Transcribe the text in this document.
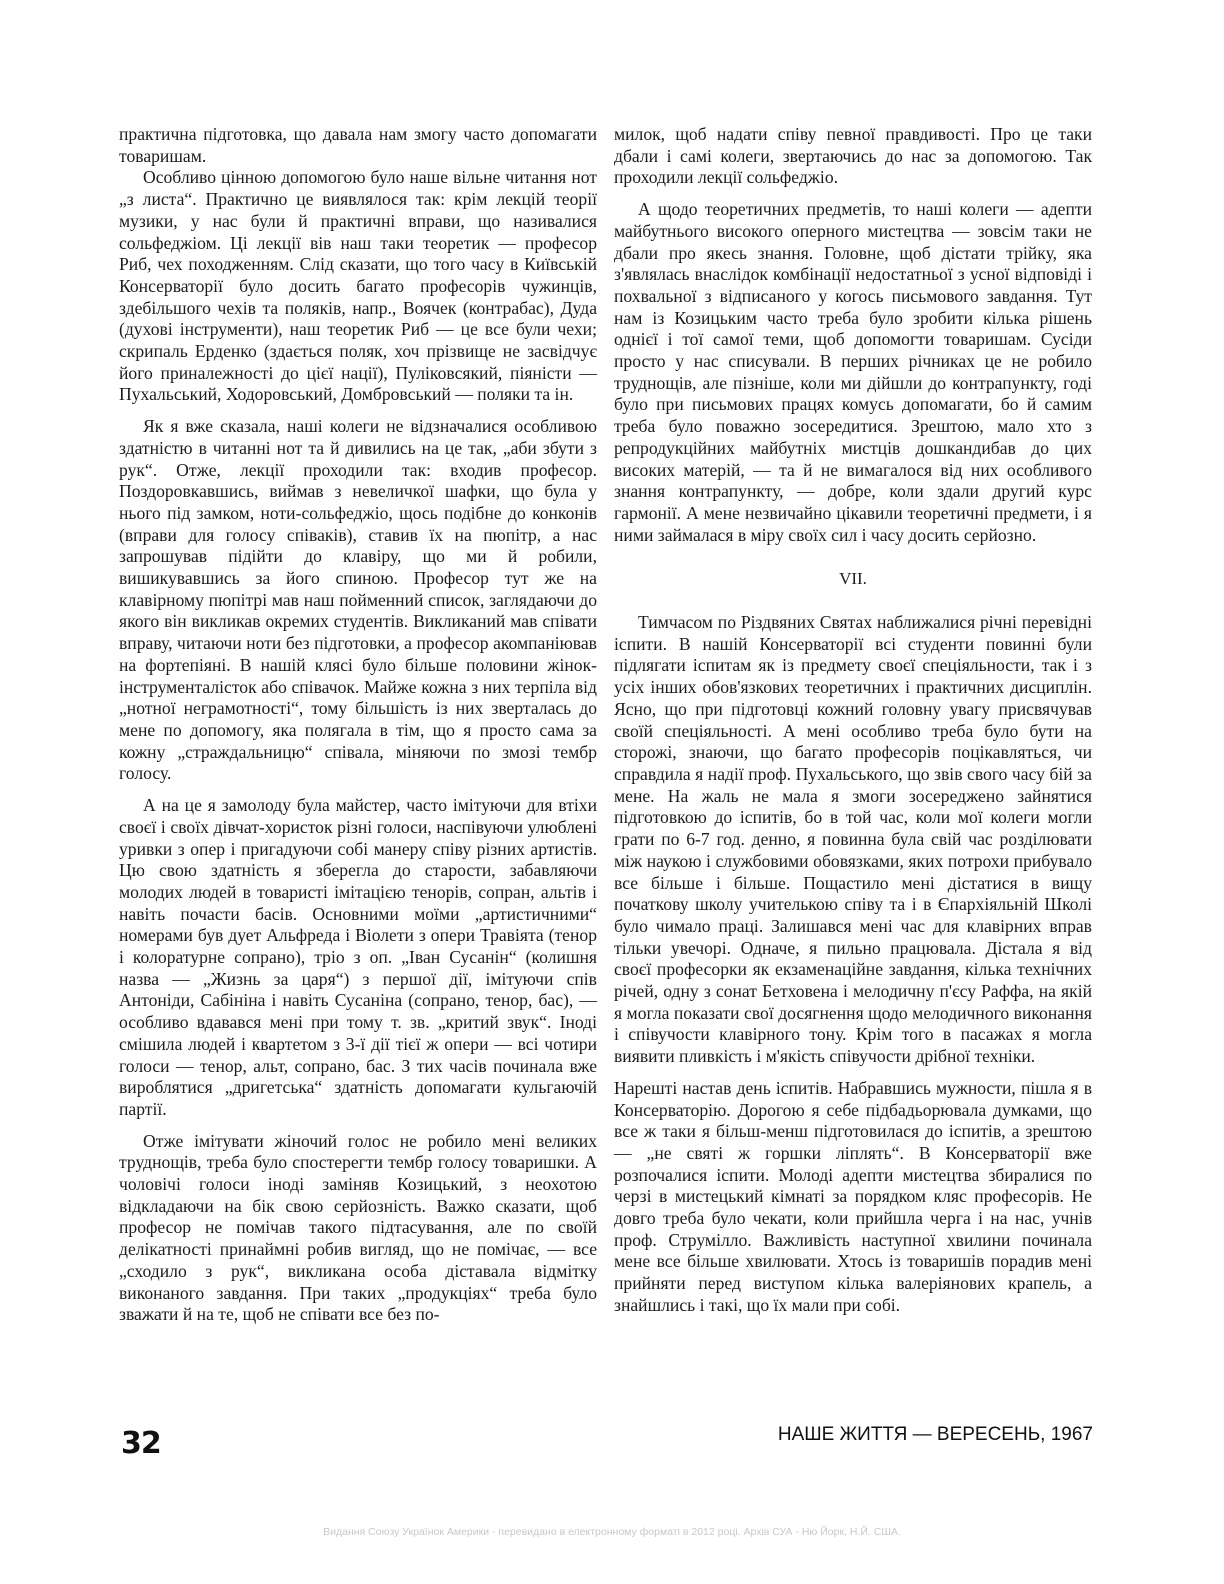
практична підготовка, що давала нам змогу часто допомагати товаришам.

Особливо цінною допомогою було наше вільне читання нот „з листа“. Практично це виявлялося так: крім лекцій теорії музики, у нас були й практичні вправи, що називалися сольфеджіом. Ці лекції вів наш таки теоретик — професор Риб, чех походженням. Слід сказати, що того часу в Київській Консерваторії було досить багато професорів чужинців, здебільшого чехів та поляків, напр., Воячек (контрабас), Дуда (духові інструменти), наш теоретик Риб — це все були чехи; скрипаль Ерденко (здається поляк, хоч прізвище не засвідчує його приналежності до цієї нації), Пуліковсякий, піяністи — Пухальський, Ходоровський, Домбровський — поляки та ін.

Як я вже сказала, наші колеги не відзначалися особливою здатністю в читанні нот та й дивились на це так, „аби збути з рук“. Отже, лекції проходили так: входив професор. Поздоровкавшись, виймав з невеличкої шафки, що була у нього під замком, ноти-сольфеджіо, щось подібне до конконів (вправи для голосу співаків), ставив їх на пюпітр, а нас запрошував підійти до клавіру, що ми й робили, вишикувавшись за його спиною. Професор тут же на клавірному пюпітрі мав наш пойменний список, заглядаючи до якого він викликав окремих студентів. Викликаний мав співати вправу, читаючи ноти без підготовки, а професор акомпаніював на фортепіяні. В нашій клясі було більше половини жінок-інструменталісток або співачок. Майже кожна з них терпіла від „нотної неграмотності“, тому більшість із них зверталась до мене по допомогу, яка полягала в тім, що я просто сама за кожну „страждальницю“ співала, міняючи по змозі тембр голосу.

А на це я замолоду була майстер, часто імітуючи для втіхи своєї і своїх дівчат-хористок різні голоси, наспівуючи улюблені уривки з опер і пригадуючи собі манеру співу різних артистів. Цю свою здатність я зберегла до старости, забавляючи молодих людей в товаристі імітацією тенорів, сопран, альтів і навіть почасти басів. Основними моїми „артистичними“ номерами був дует Альфреда і Віолети з опери Травіята (тенор і колоратурне сопрано), тріо з оп. „Іван Сусанін“ (колишня назва — „Жизнь за царя“) з першої дії, імітуючи спів Антоніди, Сабініна і навіть Сусаніна (сопрано, тенор, бас), — особливо вдавався мені при тому т. зв. „критий звук“. Іноді смішила людей і квартетом з 3-ї дії тієї ж опери — всі чотири голоси — тенор, альт, сопрано, бас. З тих часів починала вже вироблятися „дригетська“ здатність допомагати кульгаючій партії.

Отже імітувати жіночий голос не робило мені великих труднощів, треба було спостерегти тембр голосу товаришки. А чоловічі голоси іноді заміняв Козицький, з неохотою відкладаючи на бік свою серйозність. Важко сказати, щоб професор не помічав такого підтасування, але по своїй делікатності принаймні робив вигляд, що не помічає, — все „сходило з рук“, викликана особа діставала відмітку виконаного завдання. При таких „продукціях“ треба було зважати й на те, щоб не співати все без по-

милок, щоб надати співу певної правдивості. Про це таки дбали і самі колеги, звертаючись до нас за допомогою. Так проходили лекції сольфеджіо.

А щодо теоретичних предметів, то наші колеги — адепти майбутнього високого оперного мистецтва — зовсім таки не дбали про якесь знання. Головне, щоб дістати трійку, яка з'являлась внаслідок комбінації недостатньої з усної відповіді і похвальної з відписаного у когось письмового завдання. Тут нам із Козицьким часто треба було зробити кілька рішень однієї і тої самої теми, щоб допомогти товаришам. Сусіди просто у нас списували. В перших річниках це не робило труднощів, але пізніше, коли ми дійшли до контрапункту, годі було при письмових працях комусь допомагати, бо й самим треба було поважно зосередитися. Зрештою, мало хто з репродукційних майбутніх мистців дошкандибав до цих високих матерій, — та й не вимагалося від них особливого знання контрапункту, — добре, коли здали другий курс гармонії. А мене незвичайно цікавили теоретичні предмети, і я ними займалася в міру своїх сил і часу досить серйозно.

VII.

Тимчасом по Різдвяних Святах наближалися річні перевідні іспити. В нашій Консерваторії всі студенти повинні були підлягати іспитам як із предмету своєї спеціяльности, так і з усіх інших обов'язкових теоретичних і практичних дисциплін. Ясно, що при підготовці кожний головну увагу присвячував своїй спеціяльності. А мені особливо треба було бути на сторожі, знаючи, що багато професорів поцікавляться, чи справдила я надії проф. Пухальського, що звів свого часу бій за мене. На жаль не мала я змоги зосереджено зайнятися підготовкою до іспитів, бо в той час, коли мої колеги могли грати по 6-7 год. денно, я повинна була свій час розділювати між наукою і службовими обовязками, яких потрохи прибувало все більше і більше. Пощастило мені дістатися в вищу початкову школу учителькою співу та і в Єпархіяльній Школі було чимало праці. Залишався мені час для клавірних вправ тільки увечорі. Одначе, я пильно працювала. Дістала я від своєї професорки як екзаменаційне завдання, кілька технічних річей, одну з сонат Бетховена і мелодичну п'єсу Раффа, на якій я могла показати свої досягнення щодо мелодичного виконання і співучости клавірного тону. Крім того в пасажах я могла виявити пливкість і м'якість співучости дрібної техніки.

Нарешті настав день іспитів. Набравшись мужности, пішла я в Консерваторію. Дорогою я себе підбадьорювала думками, що все ж таки я більш-менш підготовилася до іспитів, а зрештою — „не святі ж горшки ліплять“. В Консерваторії вже розпочалися іспити. Молоді адепти мистецтва збиралися по черзі в мистецький кімнаті за порядком кляс професорів. Не довго треба було чекати, коли прийшла черга і на нас, учнів проф. Струмілло. Важливість наступної хвилини починала мене все більше хвилювати. Хтось із товаришів порадив мені прийняти перед виступом кілька валеріянових крапель, а знайшлись і такі, що їх мали при собі.

32	НАШЕ ЖИТТЯ — ВЕРЕСЕНЬ, 1967
Видання Союзу Українок Америки - перевидано в електронному форматі в 2012 році. Архів СУА - Ню Йорк, Н.Й. США.
